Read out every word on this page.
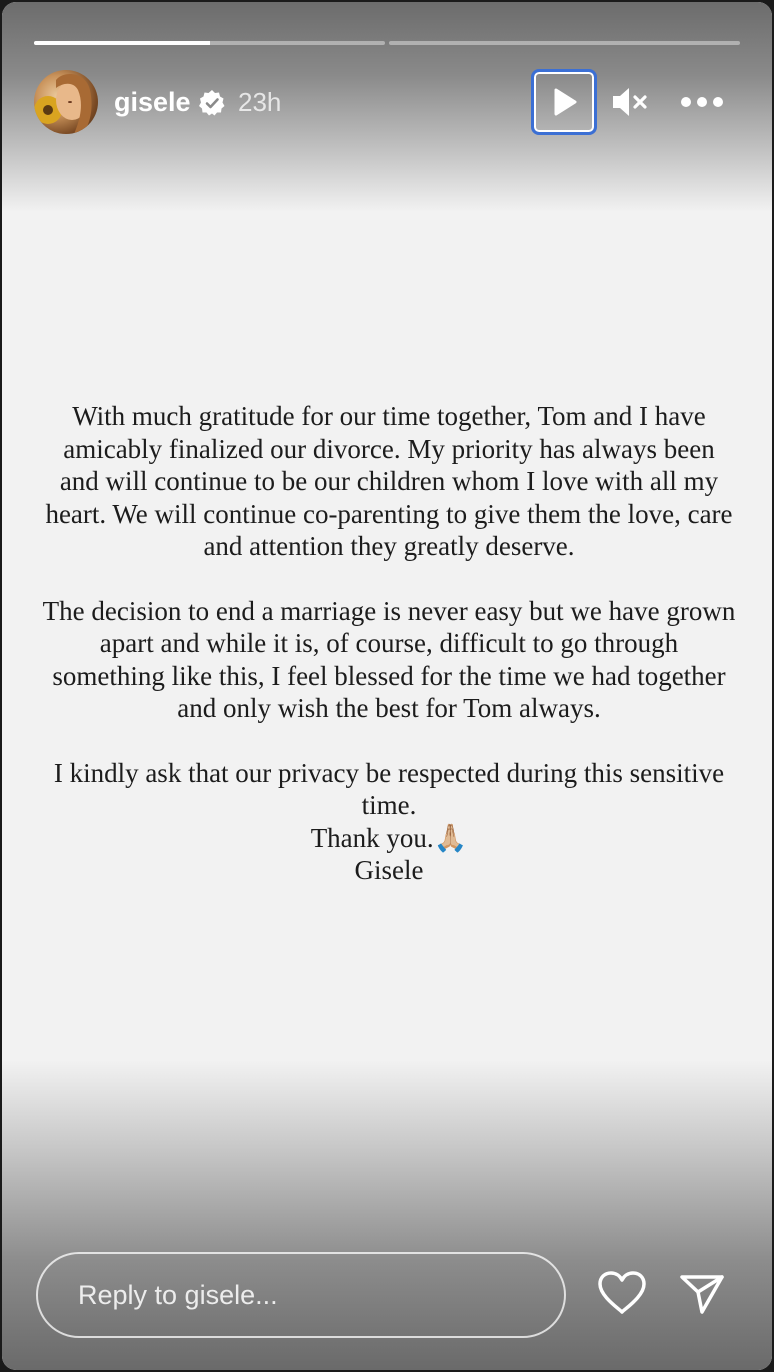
gisele 23h

With much gratitude for our time together, Tom and I have amicably finalized our divorce. My priority has always been and will continue to be our children whom I love with all my heart. We will continue co-parenting to give them the love, care and attention they greatly deserve.

The decision to end a marriage is never easy but we have grown apart and while it is, of course, difficult to go through something like this, I feel blessed for the time we had together and only wish the best for Tom always.

I kindly ask that our privacy be respected during this sensitive time.

Thank you.🙏🏼
Gisele
Reply to gisele...
